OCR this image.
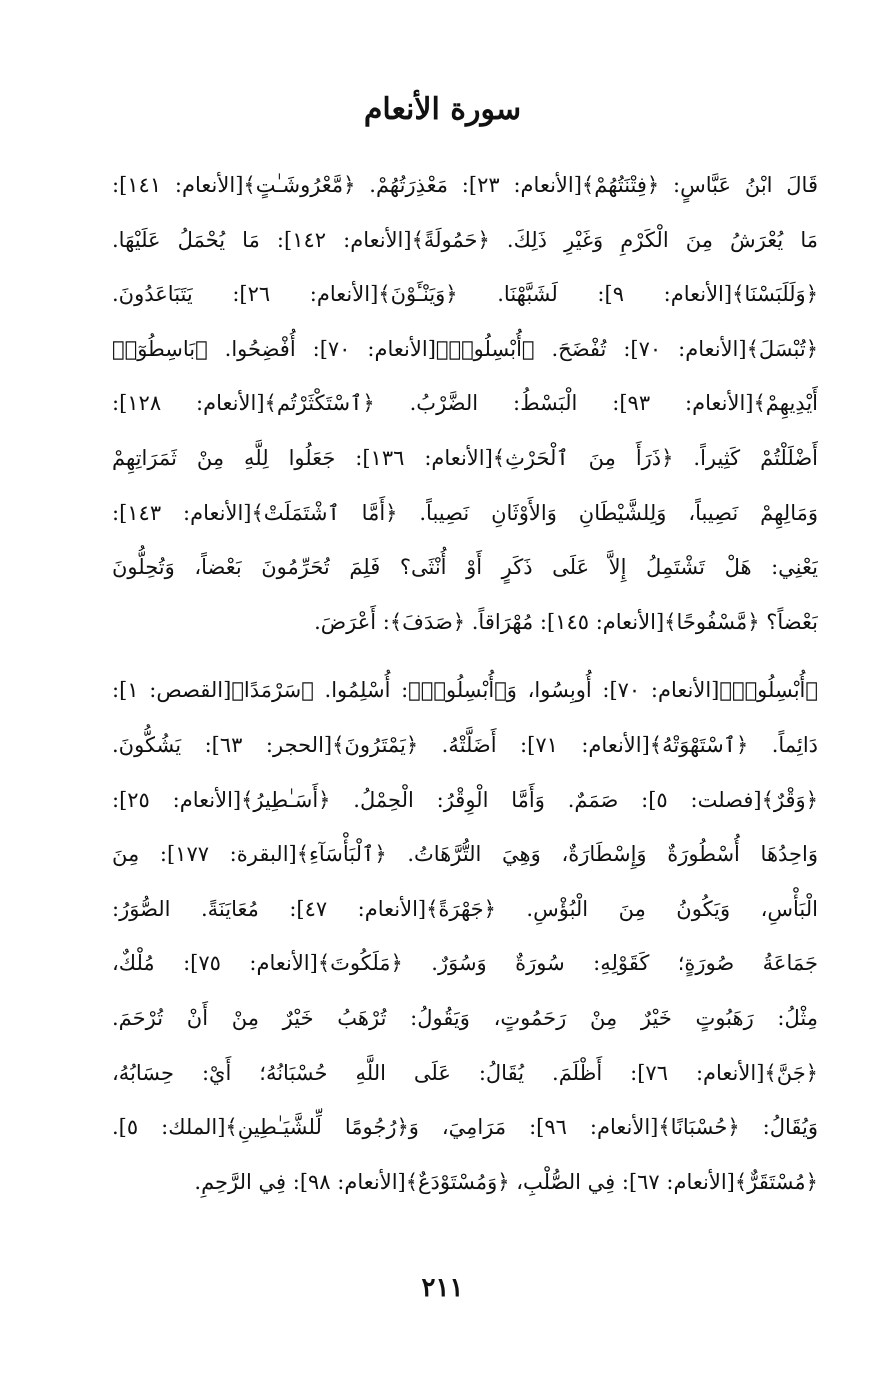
سورة الأنعام

قَالَ ابْنُ عَبَّاسٍ: ﴿فِتْنَتُهُمْ﴾[الأنعام: ٢٣]: مَعْذِرَتُهُمْ. ﴿مَّعْرُوشَـٰتٍ﴾[الأنعام: ١٤١]:
مَا يُعْرَشُ مِنَ الْكَرْمِ وَغَيْرِ ذَلِكَ. ﴿حَمُولَةً﴾[الأنعام: ١٤٢]: مَا يُحْمَلُ عَلَيْهَا.
﴿وَلَلَبَسْنَا﴾[الأنعام: ٩]: لَشَبَّهْنَا. ﴿وَيَنْـَٔوْنَ﴾[الأنعام: ٢٦]: يَتَبَاعَدُونَ.
﴿تُبْسَلَ﴾[الأنعام: ٧٠]: تُفْضَحَ. ﴿أُبْسِلُوا۟﴾[الأنعام: ٧٠]: أُفْضِحُوا. ﴿بَاسِطُوٓا۟
أَيْدِيهِمْ﴾[الأنعام: ٩٣]: الْبَسْطُ: الضَّرْبُ. ﴿ٱسْتَكْثَرْتُم﴾[الأنعام: ١٢٨]:
أَضْلَلْتُمْ كَثِيراً. ﴿ذَرَأَ مِنَ ٱلْحَرْثِ﴾[الأنعام: ١٣٦]: جَعَلُوا لِلَّهِ مِنْ ثَمَرَاتِهِمْ
وَمَالِهِمْ نَصِيباً، وَلِلشَّيْطَانِ وَالأَوْثَانِ نَصِيباً. ﴿أَمَّا ٱشْتَمَلَتْ﴾[الأنعام: ١٤٣]:
يَعْنِي: هَلْ تَشْتَمِلُ إِلاَّ عَلَى ذَكَرٍ أَوْ أُنْثَى؟ فَلِمَ تُحَرِّمُونَ بَعْضاً، وَتُحِلُّونَ
بَعْضاً؟ ﴿مَّسْفُوحًا﴾[الأنعام: ١٤٥]: مُهْرَاقاً. ﴿صَدَفَ﴾: أَعْرَضَ.

﴿أُبْسِلُوا۟﴾[الأنعام: ٧٠]: أُوبِسُوا، وَ﴿أُبْسِلُوا۟﴾: أُسْلِمُوا. ﴿سَرْمَدًا﴾[القصص: ١]:
دَائِماً. ﴿ٱسْتَهْوَتْهُ﴾[الأنعام: ٧١]: أَضَلَّتْهُ. ﴿يَمْتَرُونَ﴾[الحجر: ٦٣]: يَشُكُّونَ.
﴿وَقْرٌ﴾[فصلت: ٥]: صَمَمٌ. وَأَمَّا الْوِقْرُ: الْحِمْلُ. ﴿أَسَـٰطِيرُ﴾[الأنعام: ٢٥]:
وَاحِدُهَا أُسْطُورَةٌ وَإِسْطَارَةٌ، وَهِيَ التُّرَّهَاتُ. ﴿ٱلْبَأْسَآءِ﴾[البقرة: ١٧٧]: مِنَ
الْبَأْسِ، وَيَكُونُ مِنَ الْبُؤْسِ. ﴿جَهْرَةً﴾[الأنعام: ٤٧]: مُعَايَنَةً. الصُّوَرُ:
جَمَاعَةُ صُورَةٍ؛ كَقَوْلِهِ: سُورَةٌ وَسُوَرٌ. ﴿مَلَكُوتَ﴾[الأنعام: ٧٥]: مُلْكٌ،
مِثْلُ: رَهَبُوتٍ خَيْرٌ مِنْ رَحَمُوتٍ، وَيَقُولُ: تُرْهَبُ خَيْرٌ مِنْ أَنْ تُرْحَمَ.
﴿جَنَّ﴾[الأنعام: ٧٦]: أَظْلَمَ. يُقَالُ: عَلَى اللَّهِ حُسْبَانُهُ؛ أَيْ: حِسَابُهُ،
وَيُقَالُ: ﴿حُسْبَانًا﴾[الأنعام: ٩٦]: مَرَامِيَ، وَ﴿رُجُومًا لِّلشَّيَـٰطِينِ﴾[الملك: ٥].
﴿مُسْتَقَرٌّ﴾[الأنعام: ٦٧]: فِي الصُّلْبِ، ﴿وَمُسْتَوْدَعٌ﴾[الأنعام: ٩٨]: فِي الرَّحِمِ.

٢١١
